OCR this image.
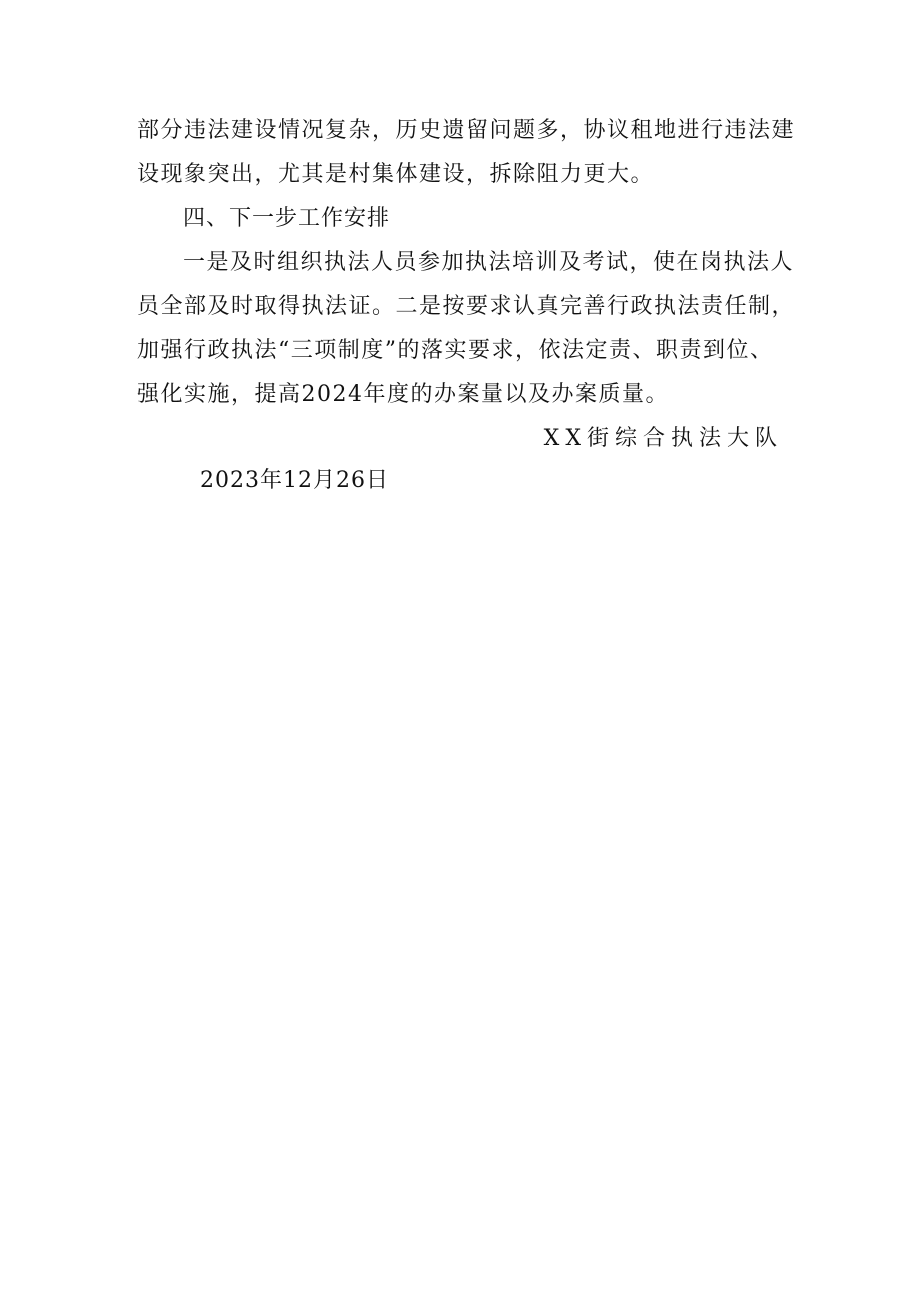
部分违法建设情况复杂，历史遗留问题多，协议租地进行违法建
设现象突出，尤其是村集体建设，拆除阻力更大。
四、下一步工作安排
一是及时组织执法人员参加执法培训及考试，使在岗执法人
员全部及时取得执法证。二是按要求认真完善行政执法责任制，
加强行政执法“三项制度”的落实要求，依法定责、职责到位、
强化实施，提高2024年度的办案量以及办案质量。
XX街综合执法大队
2023年12月26日
